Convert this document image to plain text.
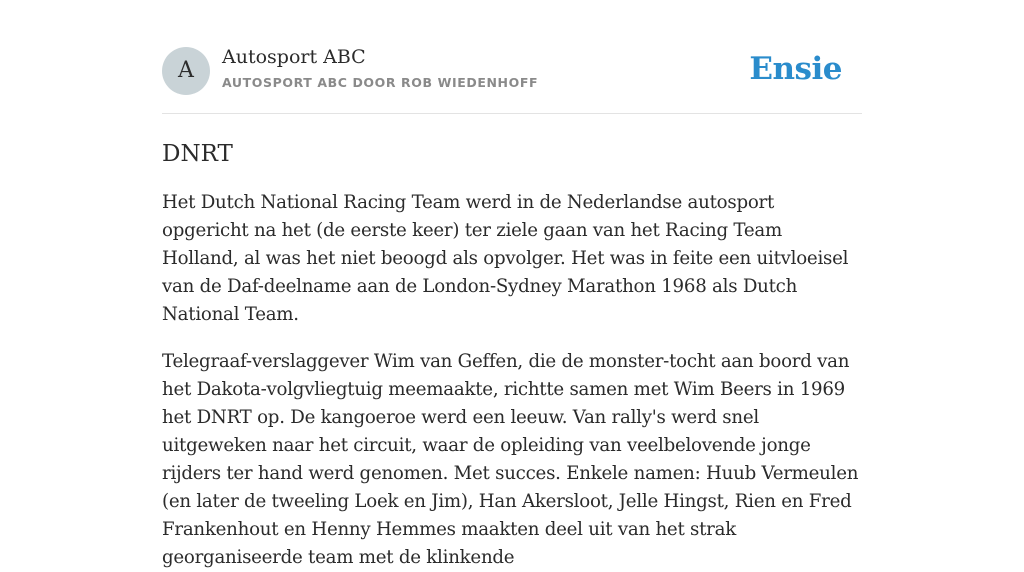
A
Autosport ABC
AUTOSPORT ABC DOOR ROB WIEDENHOFF	Ensie
DNRT

Het Dutch National Racing Team werd in de Nederlandse autosport opgericht na het (de eerste keer) ter ziele gaan van het Racing Team Holland, al was het niet beoogd als opvolger. Het was in feite een uitvloeisel van de Daf-deelname aan de London-Sydney Marathon 1968 als Dutch National Team.

Telegraaf-verslaggever Wim van Geffen, die de monster-tocht aan boord van het Dakota-volgvliegtuig meemaakte, richtte samen met Wim Beers in 1969 het DNRT op. De kangoeroe werd een leeuw. Van rally's werd snel uitgeweken naar het circuit, waar de opleiding van veelbelovende jonge rijders ter hand werd genomen. Met succes. Enkele namen: Huub Vermeulen (en later de tweeling Loek en Jim), Han Akersloot, Jelle Hingst, Rien en Fred Frankenhout en Henny Hemmes maakten deel uit van het strak georganiseerde team met de klinkende
